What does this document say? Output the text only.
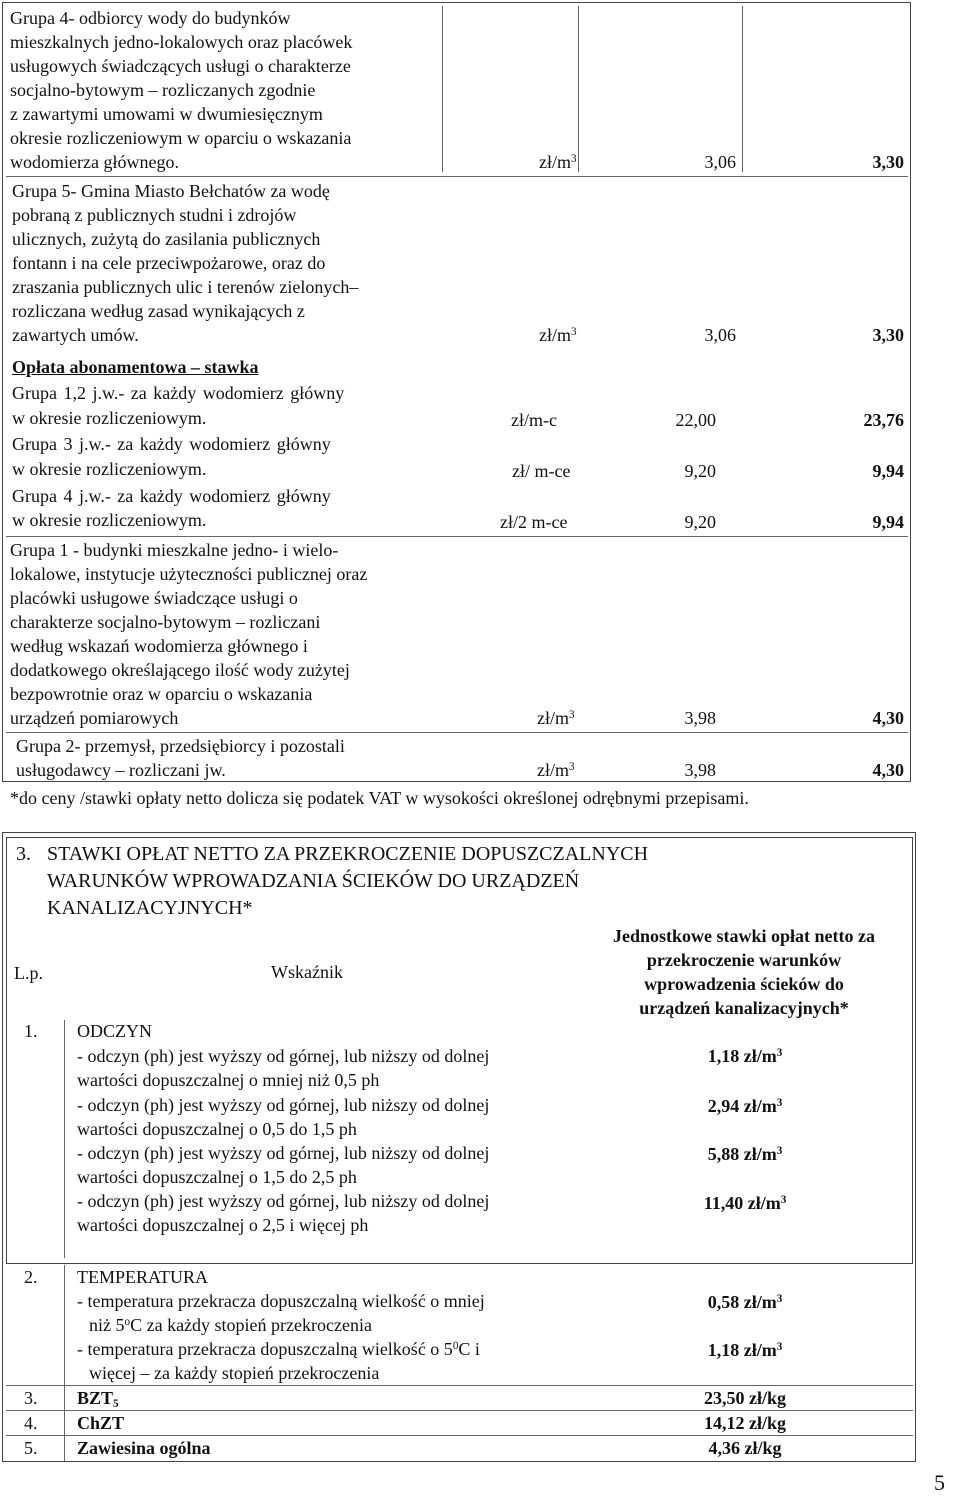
Grupa 4- odbiorcy wody do budynków
mieszkalnych jedno-lokalowych oraz placówek
usługowych świadczących usługi o charakterze
socjalno-bytowym – rozliczanych zgodnie
z zawartymi umowami w dwumiesięcznym
okresie rozliczeniowym w oparciu o wskazania
wodomierza głównego.	$zł/m^3$	3,06	3,30
Grupa 5- Gmina Miasto Bełchatów za wodę
pobraną z publicznych studni i zdrojów
ulicznych, zużytą do zasilania publicznych
fontann i na cele przeciwpożarowe, oraz do
zraszania publicznych ulic i terenów zielonych–
rozliczana według zasad wynikających z
zawartych umów.	$zł/m^3$	3,06	3,30
Opłata abonamentowa – stawka
Grupa 1,2 j.w.- za każdy wodomierz główny
w okresie rozliczeniowym.	zł/m-c	22,00	23,76
Grupa 3 j.w.- za każdy wodomierz główny
w okresie rozliczeniowym.	zł/ m-ce	9,20	9,94
Grupa 4 j.w.- za każdy wodomierz główny
w okresie rozliczeniowym.	zł/2 m-ce	9,20	9,94
Grupa 1 - budynki mieszkalne jedno- i wielo-
lokalowe, instytucje użyteczności publicznej oraz
placówki usługowe świadczące usługi o
charakterze socjalno-bytowym – rozliczani
według wskazań wodomierza głównego i
dodatkowego określającego ilość wody zużytej
bezpowrotnie oraz w oparciu o wskazania
urządzeń pomiarowych	$zł/m^3$	3,98	4,30
Grupa 2- przemysł, przedsiębiorcy i pozostali
usługodawcy – rozliczani jw.	$zł/m^3$	3,98	4,30
*do ceny /stawki opłaty netto dolicza się podatek VAT w wysokości określonej odrębnymi przepisami.
3. STAWKI OPŁAT NETTO ZA PRZEKROCZENIE DOPUSZCZALNYCH
WARUNKÓW WPROWADZANIA ŚCIEKÓW DO URZĄDZEŃ
KANALIZACYJNYCH*
L.p.	Wskaźnik
Jednostkowe stawki opłat netto za
przekroczenie warunków
wprowadzenia ścieków do
urządzeń kanalizacyjnych*
1. ODCZYN
- odczyn (ph) jest wyższy od górnej, lub niższy od dolnej
wartości dopuszczalnej o mniej niż 0,5 ph
1,18 $zł/m^3$
- odczyn (ph) jest wyższy od górnej, lub niższy od dolnej
wartości dopuszczalnej o 0,5 do 1,5 ph
2,94 $zł/m^3$
- odczyn (ph) jest wyższy od górnej, lub niższy od dolnej
wartości dopuszczalnej o 1,5 do 2,5 ph
5,88 $zł/m^3$
- odczyn (ph) jest wyższy od górnej, lub niższy od dolnej
wartości dopuszczalnej o 2,5 i więcej ph
11,40 $zł/m^3$
2. TEMPERATURA
- temperatura przekracza dopuszczalną wielkość o mniej
niż 5$^o$C za każdy stopień przekroczenia
0,58 $zł/m^3$
- temperatura przekracza dopuszczalną wielkość o $5^0C$ i
więcej – za każdy stopień przekroczenia
1,18 $zł/m^3$
3. $BZT_5$	23,50 zł/kg
4. ChZT	14,12 zł/kg
5. Zawiesina ogólna	4,36 zł/kg
5
